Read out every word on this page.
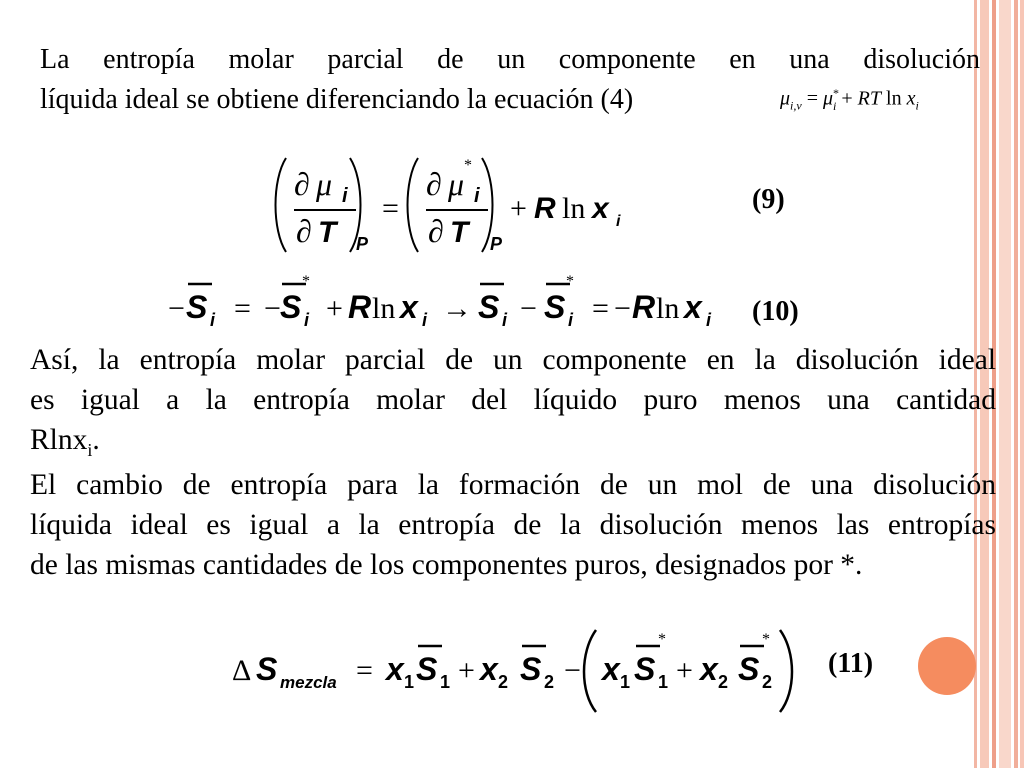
La entropía molar parcial de un componente en una disolución
líquida ideal se obtiene diferenciando la ecuación (4)	$\mu_{i,v} = \mu^*_i$ + RT $\ln x_i$
∂ μ i
∂ T P
=
∂ μ
*
i
∂ T P
+ R ln x i
(9)
− S i = − S
*
i + R ln x i → S i − S
*
i = − R ln x i (10)
Así, la entropía molar parcial de un componente en la disolución ideal
es igual a la entropía molar del líquido puro menos una cantidad
Rlnx$_i$.
El cambio de entropía para la formación de un mol de una disolución
líquida ideal es igual a la entropía de la disolución menos las entropías
de las mismas cantidades de los componentes puros, designados por *.
Δ S mezcla = x 1 S 1 + x 2 S 2 − x 1 S
*
1 + x 2 S
*
2
(11)
